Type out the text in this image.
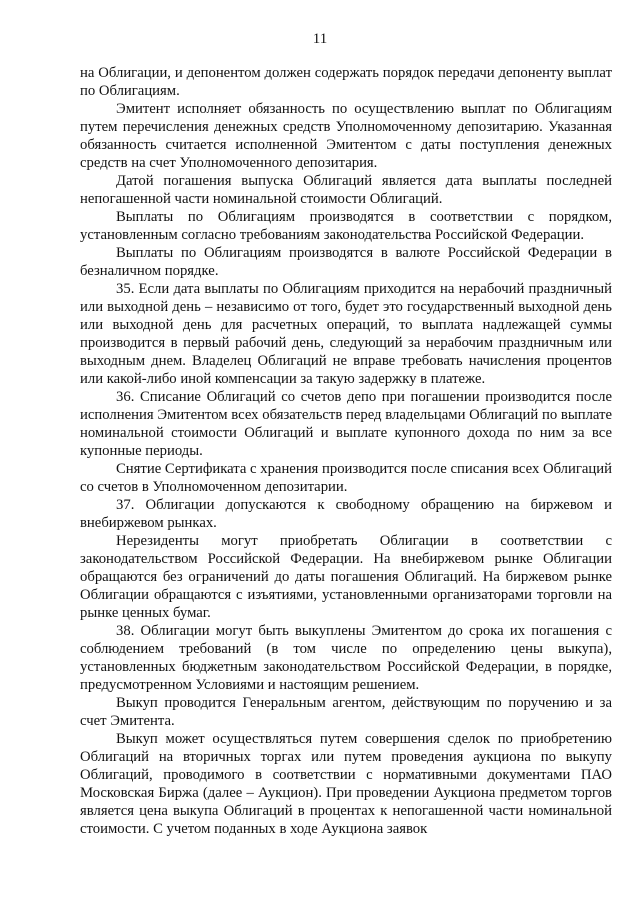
11

на Облигации, и депонентом должен содержать порядок передачи депоненту выплат по Облигациям.

Эмитент исполняет обязанность по осуществлению выплат по Облигациям путем перечисления денежных средств Уполномоченному депозитарию. Указанная обязанность считается исполненной Эмитентом с даты поступления денежных средств на счет Уполномоченного депозитария.

Датой погашения выпуска Облигаций является дата выплаты последней непогашенной части номинальной стоимости Облигаций.

Выплаты по Облигациям производятся в соответствии с порядком, установленным согласно требованиям законодательства Российской Федерации.

Выплаты по Облигациям производятся в валюте Российской Федерации в безналичном порядке.

35. Если дата выплаты по Облигациям приходится на нерабочий праздничный или выходной день – независимо от того, будет это государственный выходной день или выходной день для расчетных операций, то выплата надлежащей суммы производится в первый рабочий день, следующий за нерабочим праздничным или выходным днем. Владелец Облигаций не вправе требовать начисления процентов или какой-либо иной компенсации за такую задержку в платеже.

36. Списание Облигаций со счетов депо при погашении производится после исполнения Эмитентом всех обязательств перед владельцами Облигаций по выплате номинальной стоимости Облигаций и выплате купонного дохода по ним за все купонные периоды.

Снятие Сертификата с хранения производится после списания всех Облигаций со счетов в Уполномоченном депозитарии.

37. Облигации допускаются к свободному обращению на биржевом и внебиржевом рынках.

Нерезиденты могут приобретать Облигации в соответствии с законодательством Российской Федерации. На внебиржевом рынке Облигации обращаются без ограничений до даты погашения Облигаций. На биржевом рынке Облигации обращаются с изъятиями, установленными организаторами торговли на рынке ценных бумаг.

38. Облигации могут быть выкуплены Эмитентом до срока их погашения с соблюдением требований (в том числе по определению цены выкупа), установленных бюджетным законодательством Российской Федерации, в порядке, предусмотренном Условиями и настоящим решением.

Выкуп проводится Генеральным агентом, действующим по поручению и за счет Эмитента.

Выкуп может осуществляться путем совершения сделок по приобретению Облигаций на вторичных торгах или путем проведения аукциона по выкупу Облигаций, проводимого в соответствии с нормативными документами ПАО Московская Биржа (далее – Аукцион). При проведении Аукциона предметом торгов является цена выкупа Облигаций в процентах к непогашенной части номинальной стоимости. С учетом поданных в ходе Аукциона заявок
